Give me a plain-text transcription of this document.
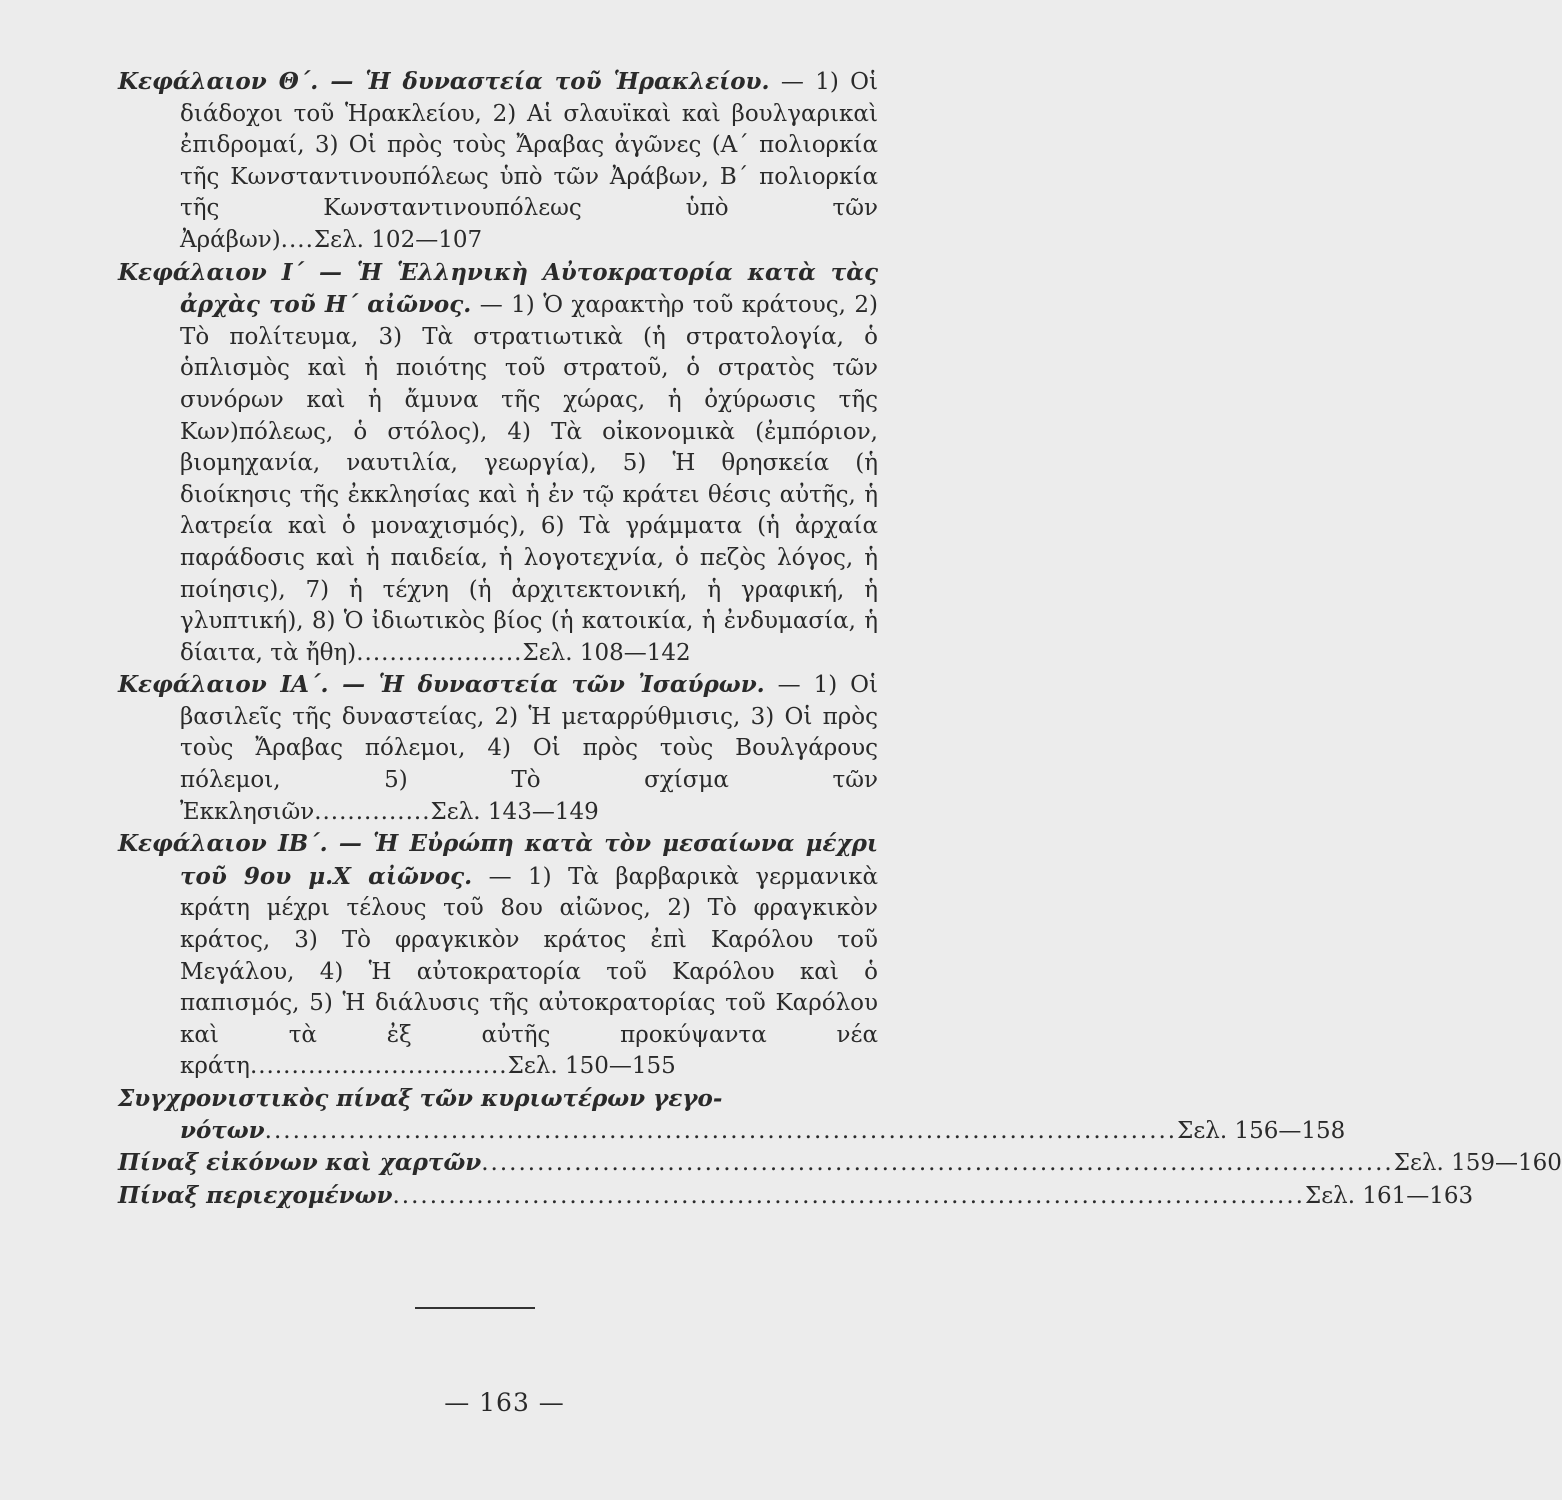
Κεφάλαιον Θ΄. — Ἡ δυναστεία τοῦ Ἡρακλείου. — 1) Οἱ διάδοχοι τοῦ Ἡρακλείου, 2) Αἱ σλαυϊκαὶ καὶ βουλγαρικαὶ ἐπιδρομαί, 3) Οἱ πρὸς τοὺς Ἄραβας ἀγῶνες (Α΄ πολιορκία τῆς Κωνσταντινουπόλεως ὑπὸ τῶν Ἀράβων, Β΄ πολιορκία τῆς Κωνσταντινουπόλεως ὑπὸ τῶν Ἀράβων)....Σελ. 102—107

Κεφάλαιον Ι΄ — Ἡ Ἑλληνικὴ Αὐτοκρατορία κατὰ τὰς ἀρχὰς τοῦ Η΄ αἰῶνος. — 1) Ὁ χαρακτὴρ τοῦ κράτους, 2) Τὸ πολίτευμα, 3) Τὰ στρατιωτικὰ (ἡ στρατολογία, ὁ ὁπλισμὸς καὶ ἡ ποιότης τοῦ στρατοῦ, ὁ στρατὸς τῶν συνόρων καὶ ἡ ἄμυνα τῆς χώρας, ἡ ὀχύρωσις τῆς Κων)πόλεως, ὁ στόλος), 4) Τὰ οἰκονομικὰ (ἐμπόριον, βιομηχανία, ναυτιλία, γεωργία), 5) Ἡ θρησκεία (ἡ διοίκησις τῆς ἐκκλησίας καὶ ἡ ἐν τῷ κράτει θέσις αὐτῆς, ἡ λατρεία καὶ ὁ μοναχισμός), 6) Τὰ γράμματα (ἡ ἀρχαία παράδοσις καὶ ἡ παιδεία, ἡ λογοτεχνία, ὁ πεζὸς λόγος, ἡ ποίησις), 7) ἡ τέχνη (ἡ ἀρχιτεκτονική, ἡ γραφική, ἡ γλυπτική), 8) Ὁ ἰδιωτικὸς βίος (ἡ κατοικία, ἡ ἐνδυμασία, ἡ δίαιτα, τὰ ἤθη)....................Σελ. 108—142

Κεφάλαιον ΙΑ΄. — Ἡ δυναστεία τῶν Ἰσαύρων. — 1) Οἱ βασιλεῖς τῆς δυναστείας, 2) Ἡ μεταρρύθμισις, 3) Οἱ πρὸς τοὺς Ἄραβας πόλεμοι, 4) Οἱ πρὸς τοὺς Βουλγάρους πόλεμοι, 5) Τὸ σχίσμα τῶν Ἐκκλησιῶν..............Σελ. 143—149

Κεφάλαιον ΙΒ΄. — Ἡ Εὐρώπη κατὰ τὸν μεσαίωνα μέχρι τοῦ 9ου μ.Χ αἰῶνος. — 1) Τὰ βαρβαρικὰ γερμανικὰ κράτη μέχρι τέλους τοῦ 8ου αἰῶνος, 2) Τὸ φραγκικὸν κράτος, 3) Τὸ φραγκικὸν κράτος ἐπὶ Καρόλου τοῦ Μεγάλου, 4) Ἡ αὐτοκρατορία τοῦ Καρόλου καὶ ὁ παπισμός, 5) Ἡ διάλυσις τῆς αὐτοκρατορίας τοῦ Καρόλου καὶ τὰ ἐξ αὐτῆς προκύψαντα νέα κράτη...............................Σελ. 150—155

Συγχρονιστικὸς πίναξ τῶν κυριωτέρων γεγο-
νότων .................................................................................................. Σελ. 156—158

Πίναξ εἰκόνων καὶ χαρτῶν .................................................................................................. Σελ. 159—160

Πίναξ περιεχομένων .................................................................................................. Σελ. 161—163

— 163 —
